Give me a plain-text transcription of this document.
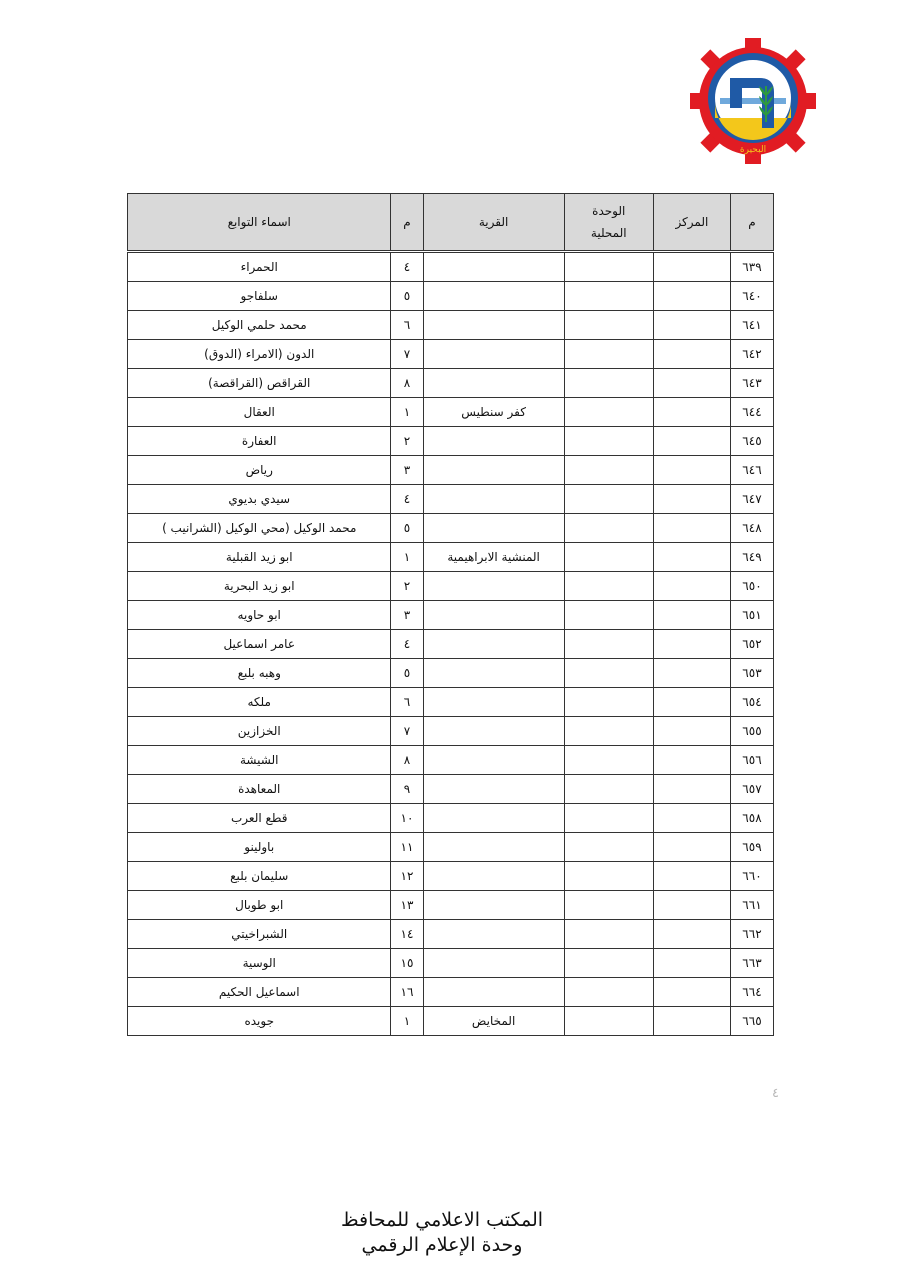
البحيرة
م	المركز	الوحدة المحلية	القرية	م	اسماء التوابع
٦٣٩				٤	الحمراء
٦٤٠				٥	سلفاجو
٦٤١				٦	محمد حلمي الوكيل
٦٤٢				٧	الدون (الامراء (الدوق)
٦٤٣				٨	القراقص (القراقصة)
٦٤٤			كفر سنطيس	١	العقال
٦٤٥				٢	العفارة
٦٤٦				٣	رياض
٦٤٧				٤	سيدي بديوي
٦٤٨				٥	محمد الوكيل (محي الوكيل (الشرانيب )
٦٤٩			المنشية الابراهيمية	١	ابو زيد القبلية
٦٥٠				٢	ابو زيد البحرية
٦٥١				٣	ابو حاويه
٦٥٢				٤	عامر اسماعيل
٦٥٣				٥	وهبه بلبع
٦٥٤				٦	ملكه
٦٥٥				٧	الخزازين
٦٥٦				٨	الشيشة
٦٥٧				٩	المعاهدة
٦٥٨				١٠	قطع العرب
٦٥٩				١١	باولينو
٦٦٠				١٢	سليمان بلبع
٦٦١				١٣	ابو طوبال
٦٦٢				١٤	الشبراخيتي
٦٦٣				١٥	الوسية
٦٦٤				١٦	اسماعيل الحكيم
٦٦٥			المخايض	١	جويده
٤
المكتب الاعلامي للمحافظ
وحدة الإعلام الرقمي
